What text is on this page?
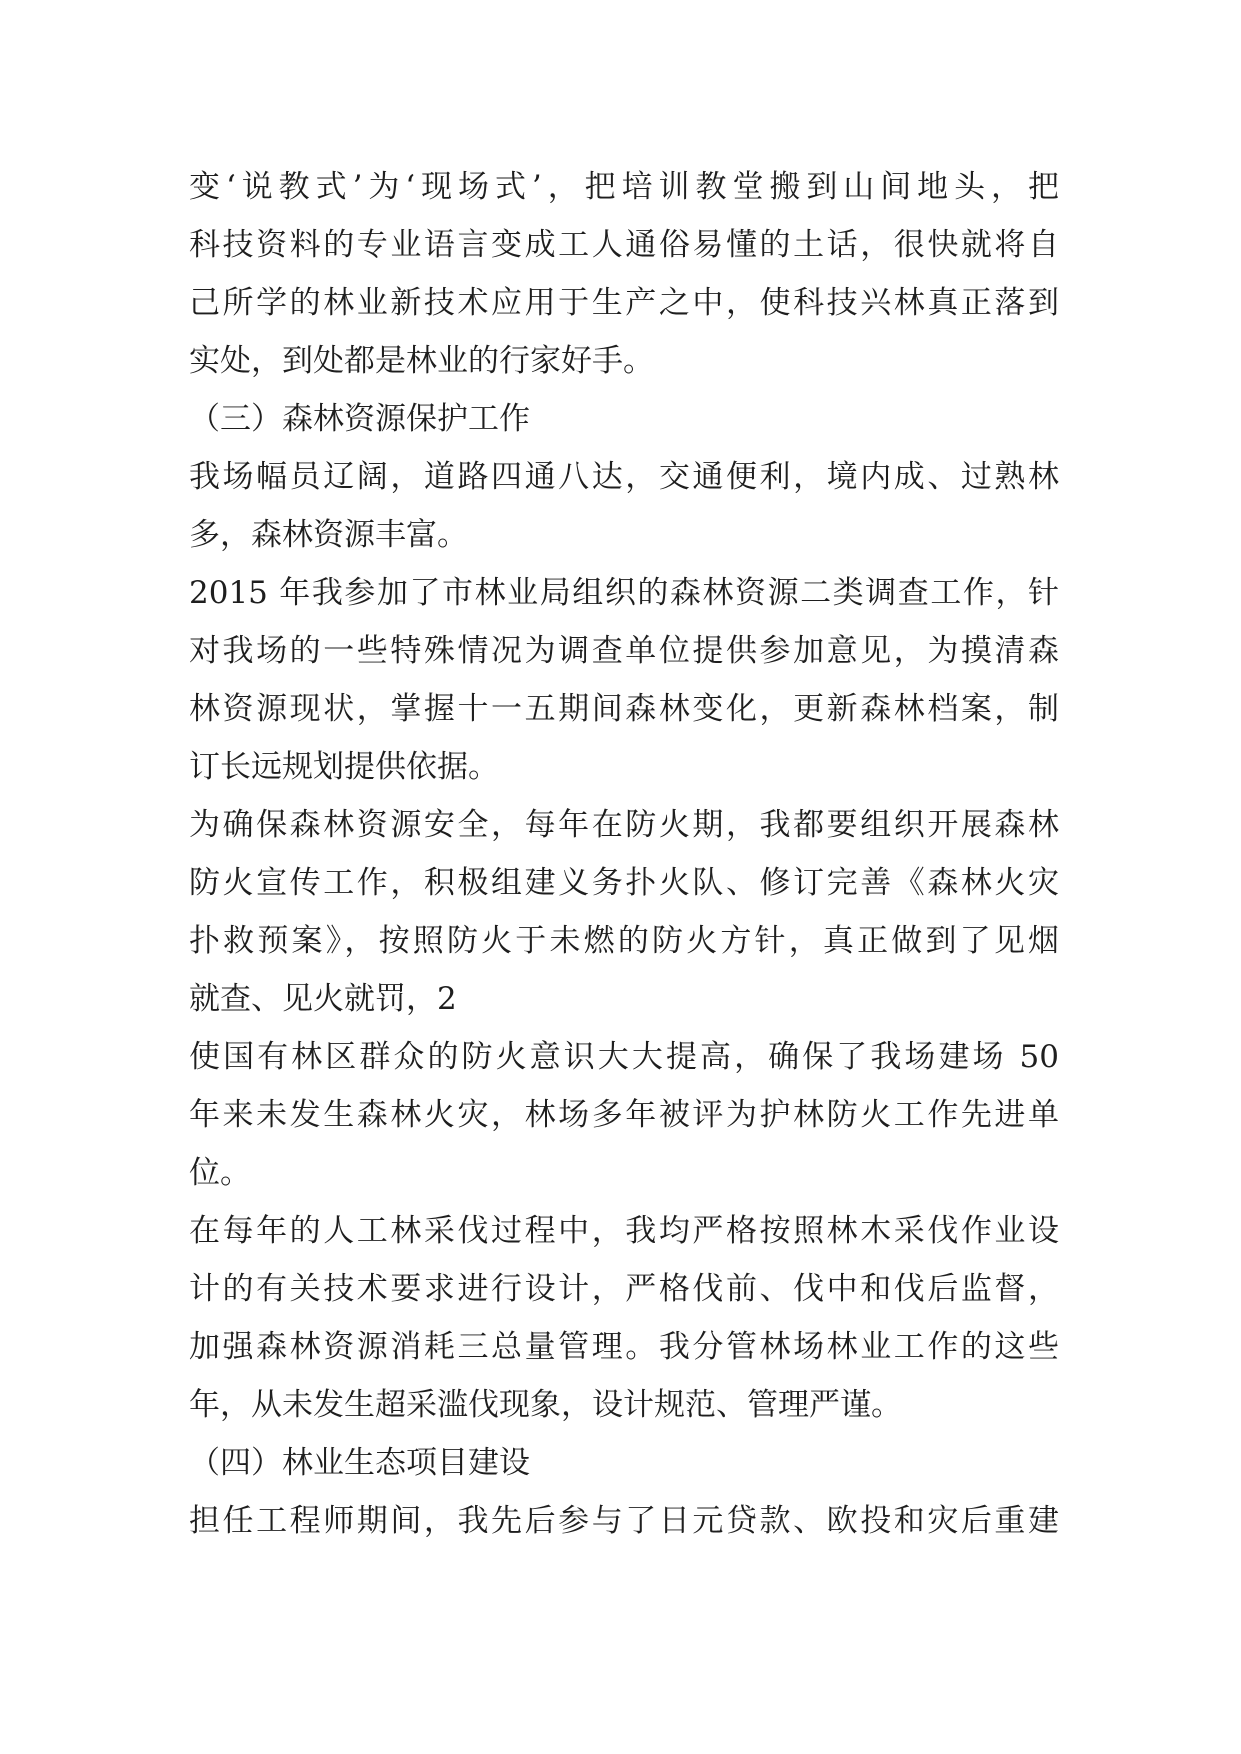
变‘说教式’为‘现场式’，把培训教堂搬到山间地头，把
科技资料的专业语言变成工人通俗易懂的土话，很快就将自
己所学的林业新技术应用于生产之中，使科技兴林真正落到
实处，到处都是林业的行家好手。
（三）森林资源保护工作
我场幅员辽阔，道路四通八达，交通便利，境内成、过熟林
多，森林资源丰富。
2015 年我参加了市林业局组织的森林资源二类调查工作，针
对我场的一些特殊情况为调查单位提供参加意见，为摸清森
林资源现状，掌握十一五期间森林变化，更新森林档案，制
订长远规划提供依据。
为确保森林资源安全，每年在防火期，我都要组织开展森林
防火宣传工作，积极组建义务扑火队、修订完善《森林火灾
扑救预案》，按照防火于未燃的防火方针，真正做到了见烟
就查、见火就罚，2
使国有林区群众的防火意识大大提高，确保了我场建场 50
年来未发生森林火灾，林场多年被评为护林防火工作先进单
位。
在每年的人工林采伐过程中，我均严格按照林木采伐作业设
计的有关技术要求进行设计，严格伐前、伐中和伐后监督，
加强森林资源消耗三总量管理。我分管林场林业工作的这些
年，从未发生超采滥伐现象，设计规范、管理严谨。
（四）林业生态项目建设
担任工程师期间，我先后参与了日元贷款、欧投和灾后重建
